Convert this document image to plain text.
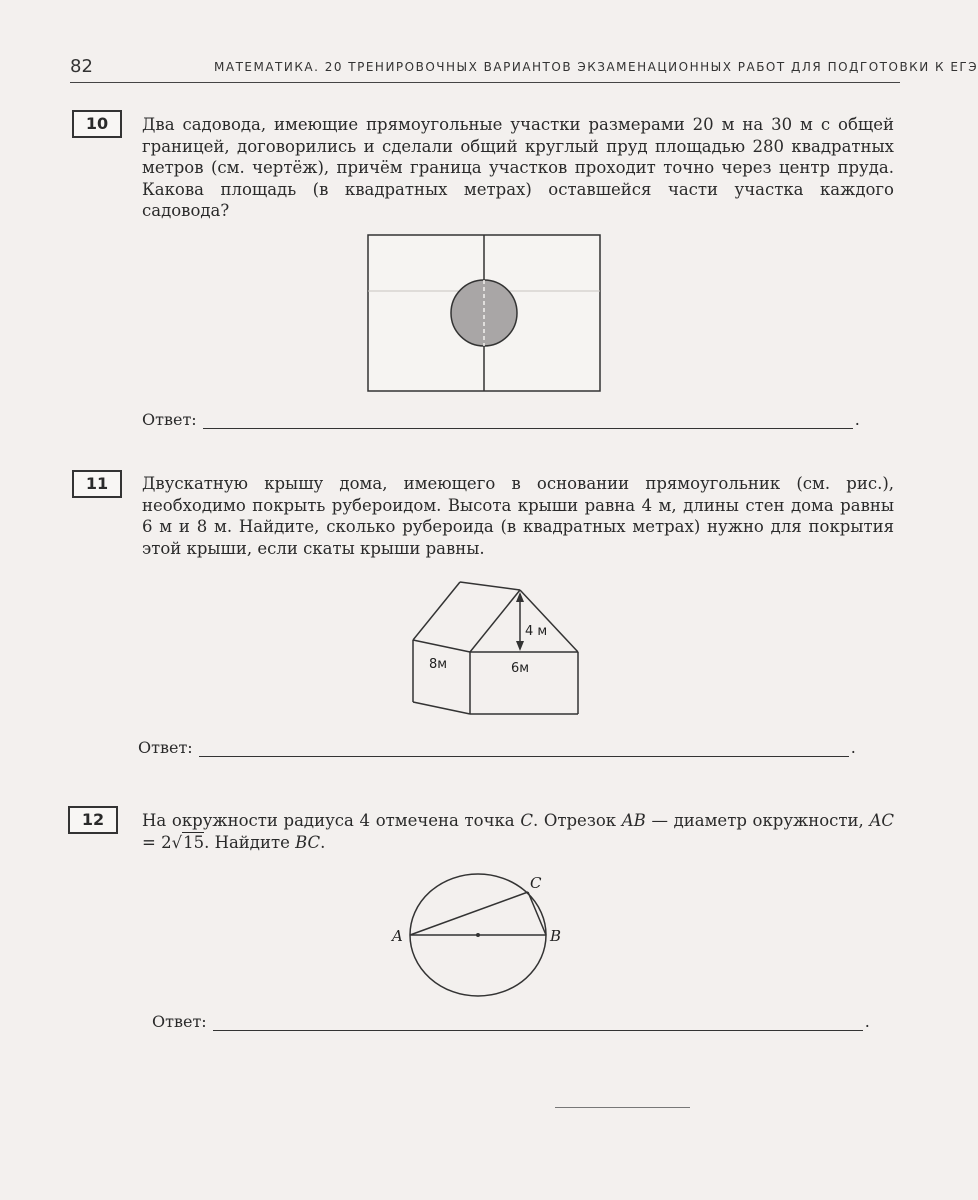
82	МАТЕМАТИКА. 20 ТРЕНИРОВОЧНЫХ ВАРИАНТОВ ЭКЗАМЕНАЦИОННЫХ РАБОТ ДЛЯ ПОДГОТОВКИ К ЕГЭ
10	Два садовода, имеющие прямоугольные участки размерами 20 м на 30 м с общей границей, договорились и сделали общий круглый пруд площадью 280 квадратных метров (см. чертёж), причём граница участков проходит точно через центр пруда. Какова площадь (в квадратных метрах) оставшейся части участка каждого садовода?
Ответ:	.
11	Двускатную крышу дома, имеющего в основании прямоугольник (см. рис.), необходимо покрыть рубероидом. Высота крыши равна 4 м, длины стен дома равны 6 м и 8 м. Найдите, сколько рубероида (в квадратных метрах) нужно для покрытия этой крыши, если скаты крыши равны.
4 м
8м	6м
Ответ:	.
12	На окружности радиуса 4 отмечена точка C. Отрезок AB — диаметр окружности, AC = 2√15. Найдите BC.
A	B
C
Ответ:	.
